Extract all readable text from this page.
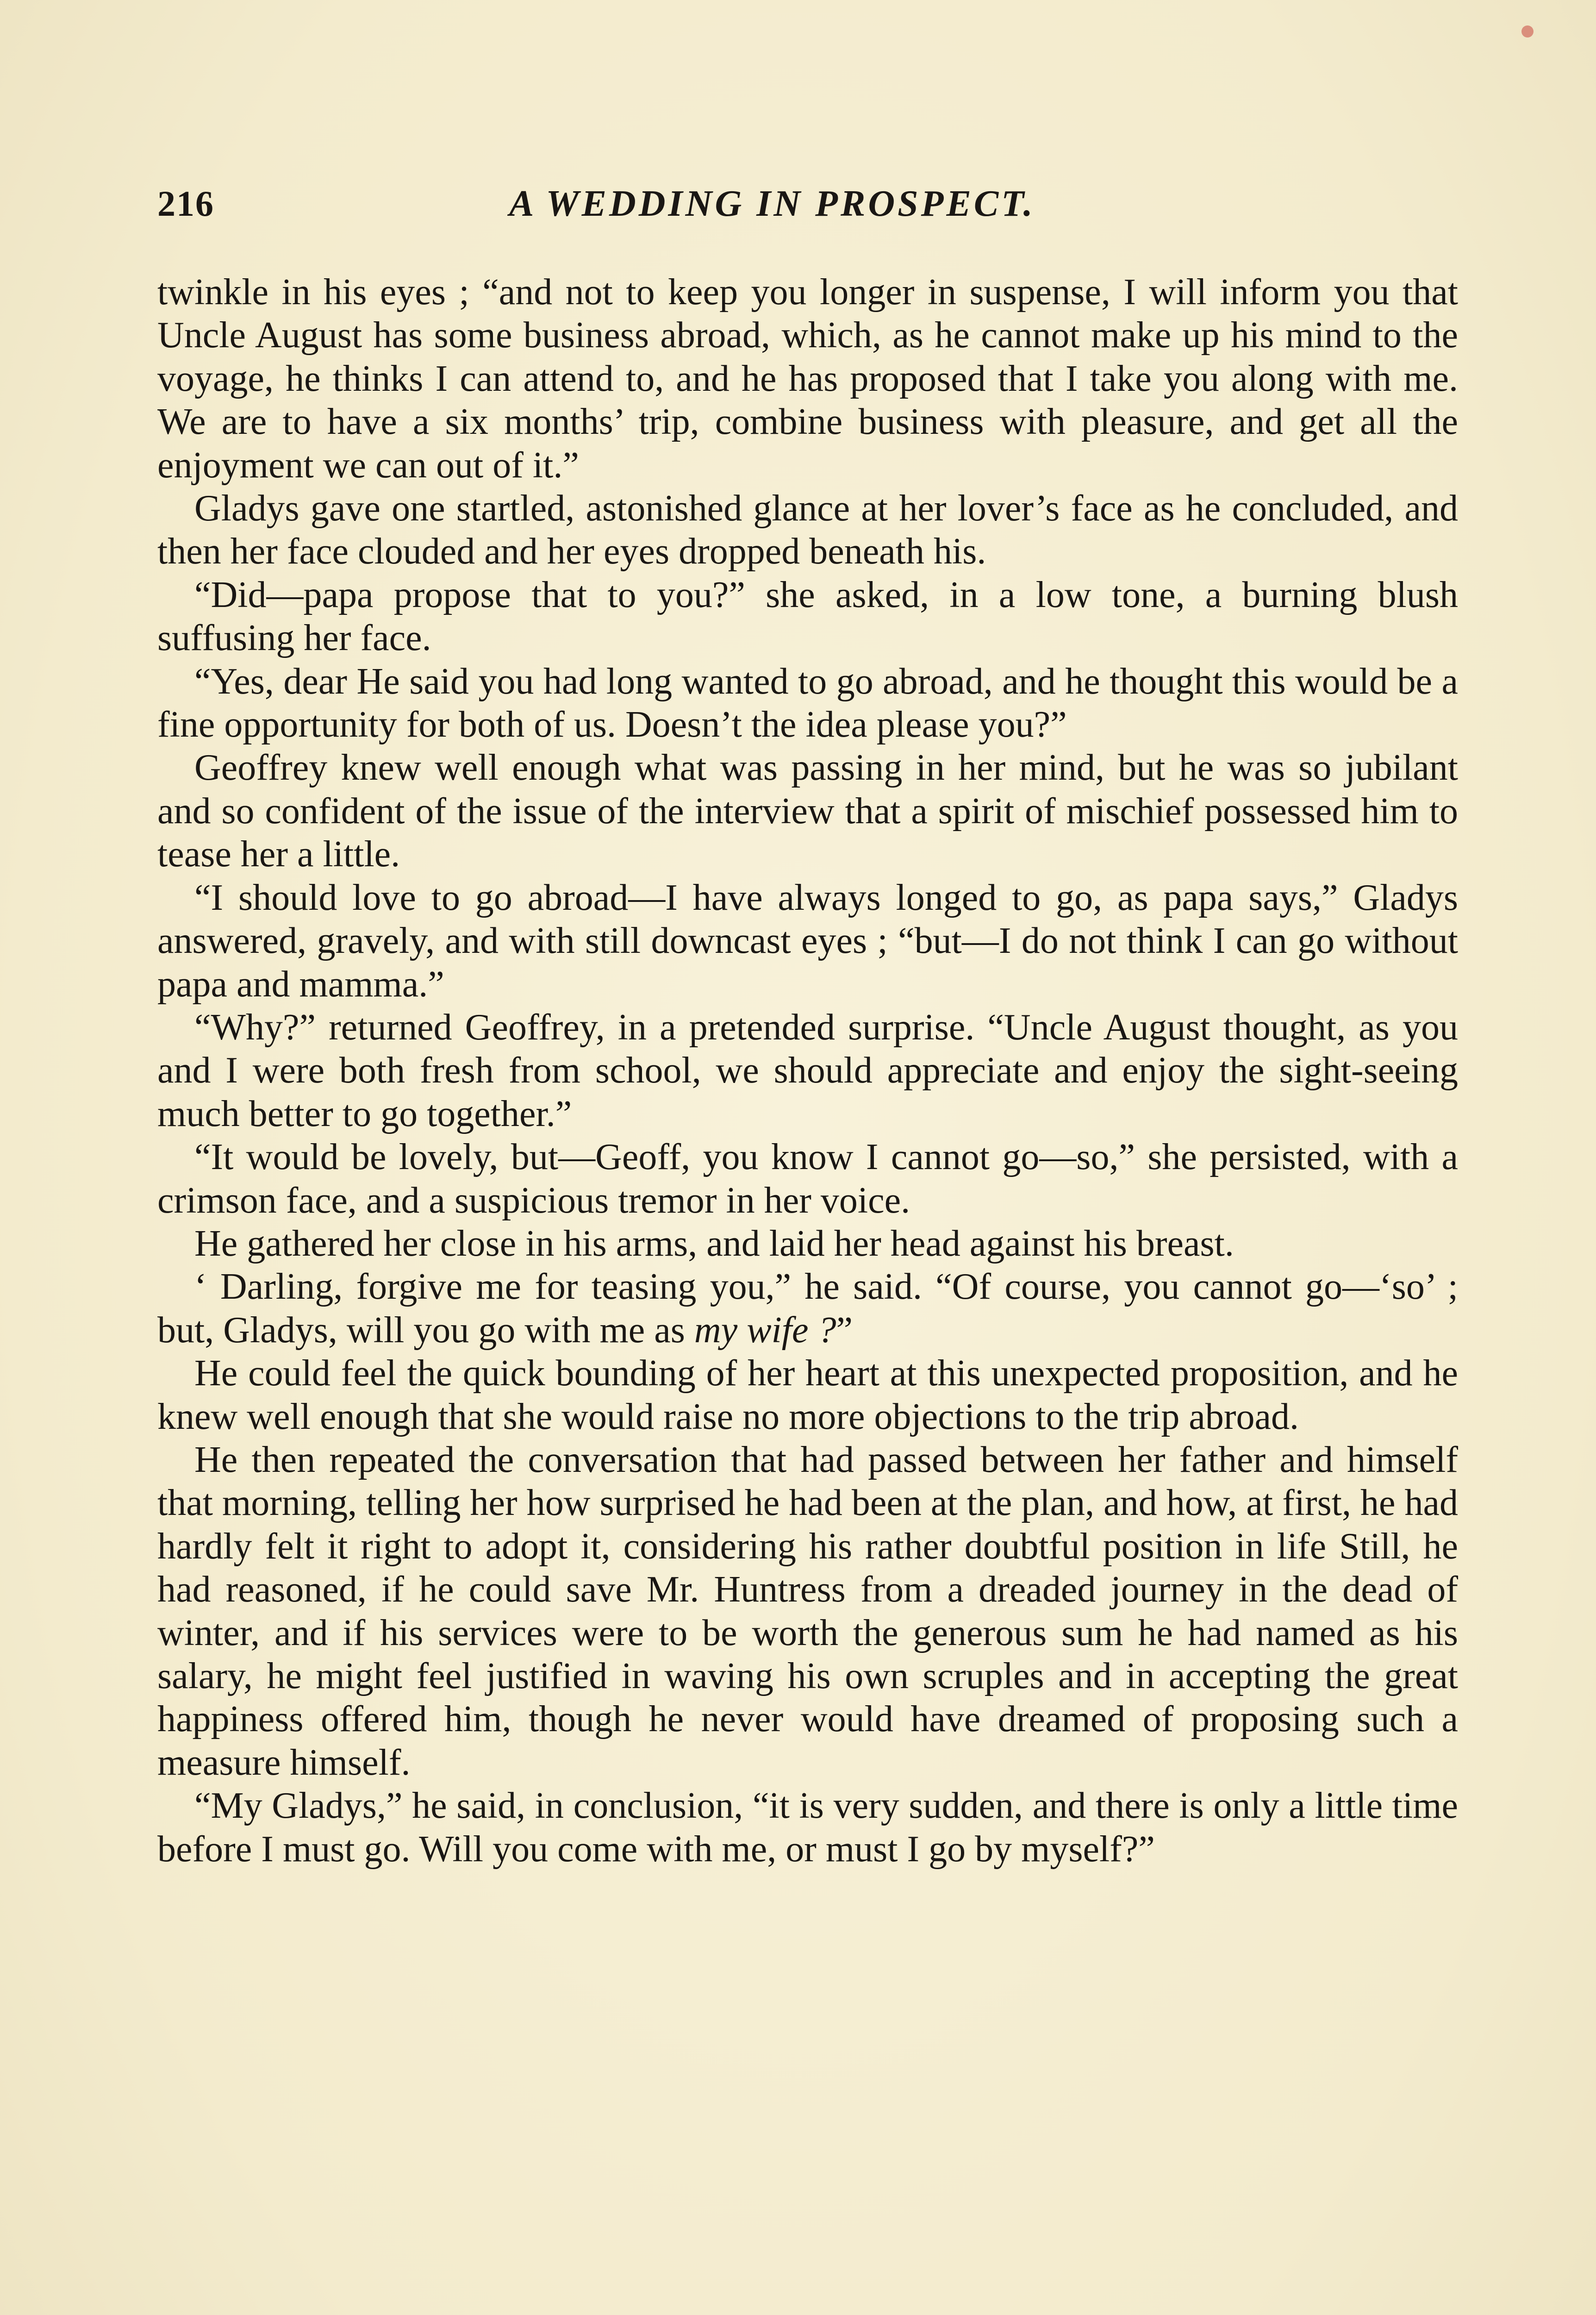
216	A WEDDING IN PROSPECT.

twinkle in his eyes ; “and not to keep you longer in suspense, I will inform you that Uncle August has some business abroad, which, as he cannot make up his mind to the voyage, he thinks I can attend to, and he has proposed that I take you along with me. We are to have a six months’ trip, combine business with pleasure, and get all the enjoyment we can out of it.”

Gladys gave one startled, astonished glance at her lover’s face as he concluded, and then her face clouded and her eyes dropped beneath his.

“Did—papa propose that to you?” she asked, in a low tone, a burning blush suffusing her face.

“Yes, dear He said you had long wanted to go abroad, and he thought this would be a fine opportunity for both of us. Doesn’t the idea please you?”

Geoffrey knew well enough what was passing in her mind, but he was so jubilant and so confident of the issue of the interview that a spirit of mischief possessed him to tease her a little.

“I should love to go abroad—I have always longed to go, as papa says,” Gladys answered, gravely, and with still downcast eyes ; “but—I do not think I can go without papa and mamma.”

“Why?” returned Geoffrey, in a pretended surprise. “Uncle August thought, as you and I were both fresh from school, we should appreciate and enjoy the sight-seeing much better to go together.”

“It would be lovely, but—Geoff, you know I cannot go—so,” she persisted, with a crimson face, and a suspicious tremor in her voice.

He gathered her close in his arms, and laid her head against his breast.

‘ Darling, forgive me for teasing you,” he said. “Of course, you cannot go—‘so’ ; but, Gladys, will you go with me as my wife ?”

He could feel the quick bounding of her heart at this unexpected proposition, and he knew well enough that she would raise no more objections to the trip abroad.

He then repeated the conversation that had passed between her father and himself that morning, telling her how surprised he had been at the plan, and how, at first, he had hardly felt it right to adopt it, considering his rather doubtful position in life Still, he had reasoned, if he could save Mr. Huntress from a dreaded journey in the dead of winter, and if his services were to be worth the generous sum he had named as his salary, he might feel justified in waving his own scruples and in accepting the great happiness offered him, though he never would have dreamed of proposing such a measure himself.

“My Gladys,” he said, in conclusion, “it is very sudden, and there is only a little time before I must go. Will you come with me, or must I go by myself?”
